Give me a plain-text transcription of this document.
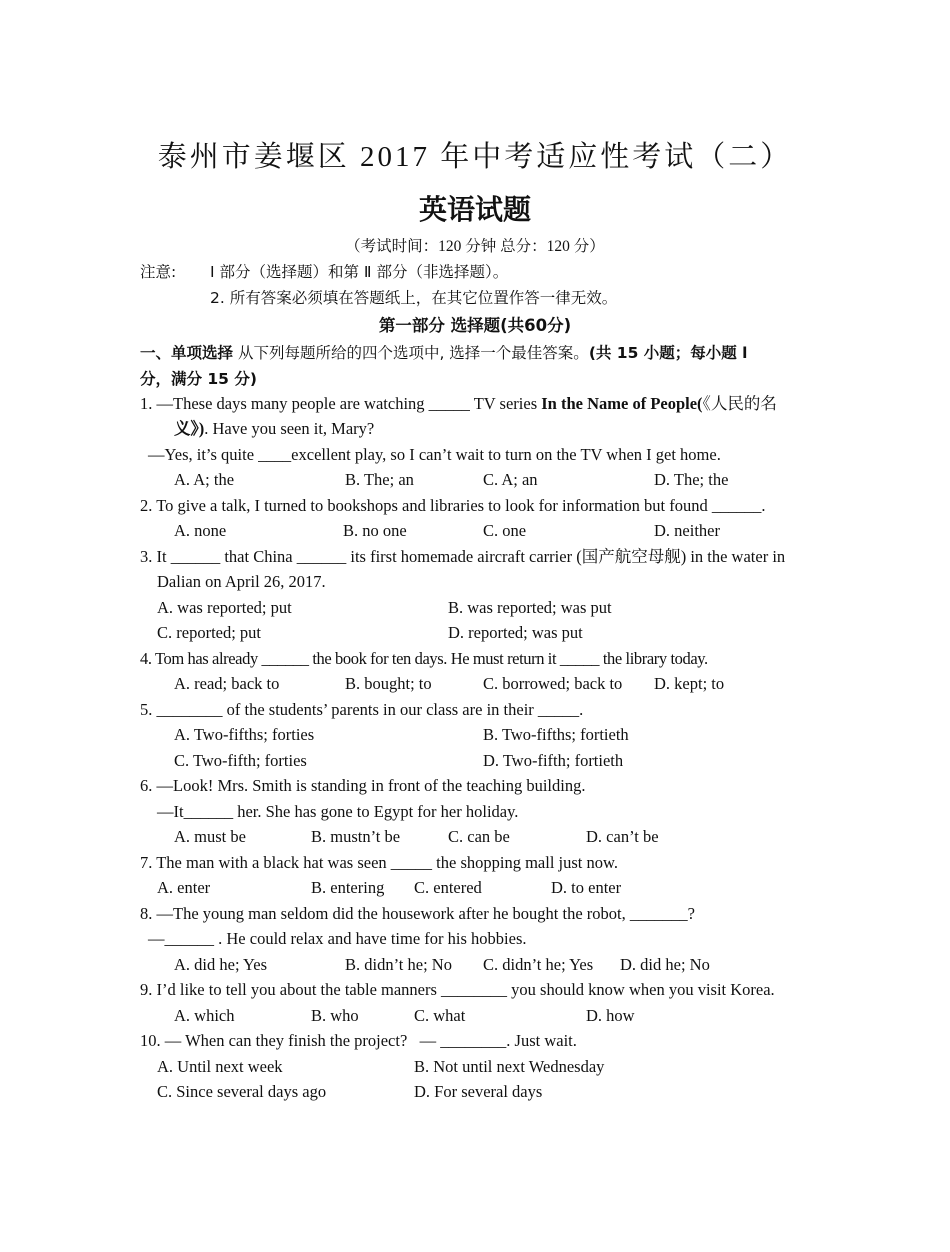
泰州市姜堰区 2017 年中考适应性考试（二）
英语试题
（考试时间：120 分钟 总分：120 分）
注意: Ⅰ 部分（选择题）和第 Ⅱ 部分（非选择题）。
2. 所有答案必须填在答题纸上，在其它位置作答一律无效。
第一部分 选择题(共60分)
一、单项选择 从下列每题所给的四个选项中, 选择一个最佳答案。(共 15 小题；每小题 l
分，满分 15 分)
1. —These days many people are watching _____ TV series In the Name of People(《人民的名
义》). Have you seen it, Mary?
—Yes, it’s quite ____excellent play, so I can’t wait to turn on the TV when I get home.
A. A; the	B. The; an	C. A; an	D. The; the
2. To give a talk, I turned to bookshops and libraries to look for information but found ______.
A. none	B. no one	C. one	D. neither
3. It ______ that China ______ its first homemade aircraft carrier (国产航空母舰) in the water in
Dalian on April 26, 2017.
A. was reported; put	B. was reported; was put
C. reported; put	D. reported; was put
4. Tom has already ______ the book for ten days. He must return it _____ the library today.
A. read; back to	B. bought; to	C. borrowed; back to D. kept; to
5. ________ of the students’ parents in our class are in their _____.
A. Two-fifths; forties	B. Two-fifths; fortieth
C. Two-fifth; forties	D. Two-fifth; fortieth
6. —Look! Mrs. Smith is standing in front of the teaching building.
—It______ her. She has gone to Egypt for her holiday.
A. must be	B. mustn’t be	C. can be	D. can’t be
7. The man with a black hat was seen _____ the shopping mall just now.
A. enter	B. entering C. entered	D. to enter
8. —The young man seldom did the housework after he bought the robot, _______?
—______ . He could relax and have time for his hobbies.
A. did he; Yes	B. didn’t he; No C. didn’t he; Yes D. did he; No
9. I’d like to tell you about the table manners ________ you should know when you visit Korea.
A. which	B. who	C. what	D. how
10. — When can they finish the project?   — ________. Just wait.
A. Until next week	B. Not until next Wednesday
C. Since several days ago	D. For several days
